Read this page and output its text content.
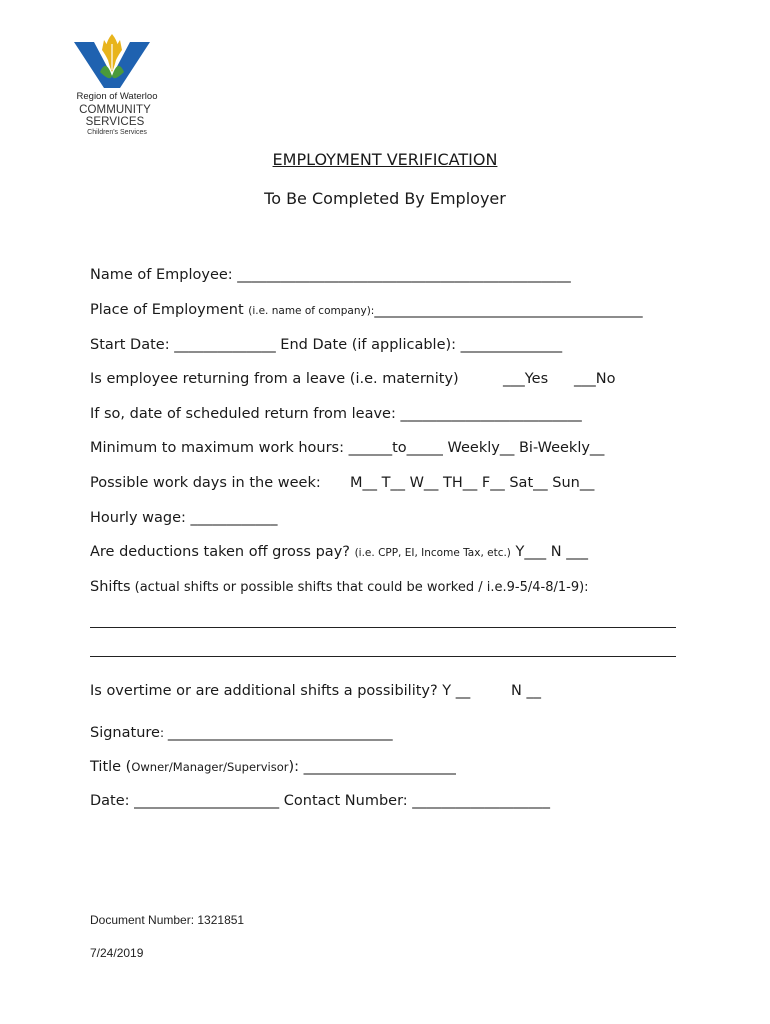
Region of Waterloo
COMMUNITY SERVICES
Children's Services
EMPLOYMENT VERIFICATION
To Be Completed By Employer
Name of Employee: ______________________________________________
Place of Employment (i.e. name of company):_____________________________________
Start Date: ______________ End Date (if applicable): ______________
Is employee returning from a leave (i.e. maternity)	___Yes ___No
If so, date of scheduled return from leave: _________________________
Minimum to maximum work hours: ______to_____ Weekly__ Bi-Weekly__
Possible work days in the week: M__ T__ W__ TH__ F__ Sat__ Sun__
Hourly wage: ____________
Are deductions taken off gross pay? (i.e. CPP, EI, Income Tax, etc.) Y___ N ___
Shifts (actual shifts or possible shifts that could be worked / i.e.9-5/4-8/1-9):
Is overtime or are additional shifts a possibility? Y __	N __
Signature: _______________________________
Title (Owner/Manager/Supervisor): _____________________
Date: ____________________ Contact Number: ___________________
Document Number: 1321851
7/24/2019
